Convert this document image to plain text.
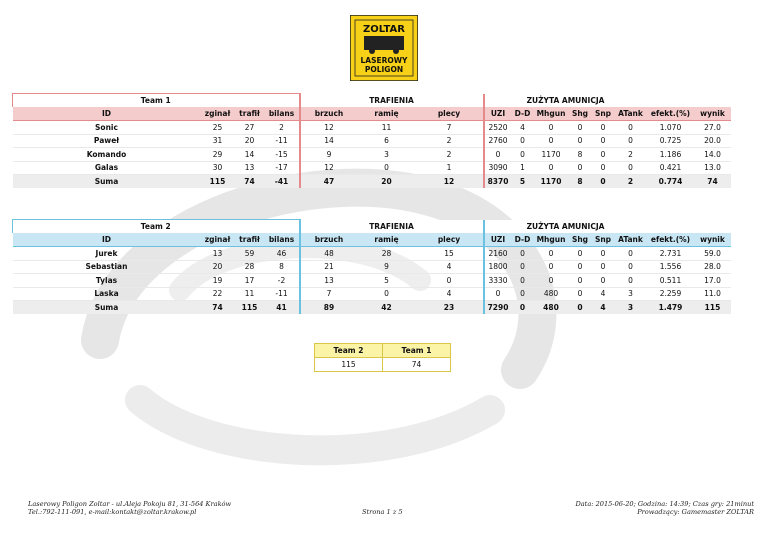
ZOLTAR
LASEROWY
POLIGON
Team 1				TRAFIENIA			ZUŻYTA AMUNICJA							
ID	zginał	trafił	bilans	brzuch	ramię	plecy	UZI	D-D	Mhgun	Shg	Snp	ATank	efekt.(%)	wynik
Sonic	25	27	2	12	11	7	2520	4	0	0	0	0	1.070	27.0
Paweł	31	20	-11	14	6	2	2760	0	0	0	0	0	0.725	20.0
Komando	29	14	-15	9	3	2	0	0	1170	8	0	2	1.186	14.0
Galas	30	13	-17	12	0	1	3090	1	0	0	0	0	0.421	13.0
Suma	115	74	-41	47	20	12	8370	5	1170	8	0	2	0.774	74
Team 2				TRAFIENIA			ZUŻYTA AMUNICJA							
ID	zginał	trafił	bilans	brzuch	ramię	plecy	UZI	D-D	Mhgun	Shg	Snp	ATank	efekt.(%)	wynik
Jurek	13	59	46	48	28	15	2160	0	0	0	0	0	2.731	59.0
Sebastian	20	28	8	21	9	4	1800	0	0	0	0	0	1.556	28.0
Tylas	19	17	-2	13	5	0	3330	0	0	0	0	0	0.511	17.0
Laska	22	11	-11	7	0	4	0	0	480	0	4	3	2.259	11.0
Suma	74	115	41	89	42	23	7290	0	480	0	4	3	1.479	115
Team 2	Team 1
115	74
Laserowy Poligon Zoltar - ul.Aleja Pokoju 81, 31-564 Kraków
Tel.:792-111-091, e-mail:kontakt@zoltar.krakow.pl	Strona 1 z 5
Data: 2015-06-20; Godzina: 14:39; Czas gry: 21minut
Prowadzący: Gamemaster ZOLTAR
